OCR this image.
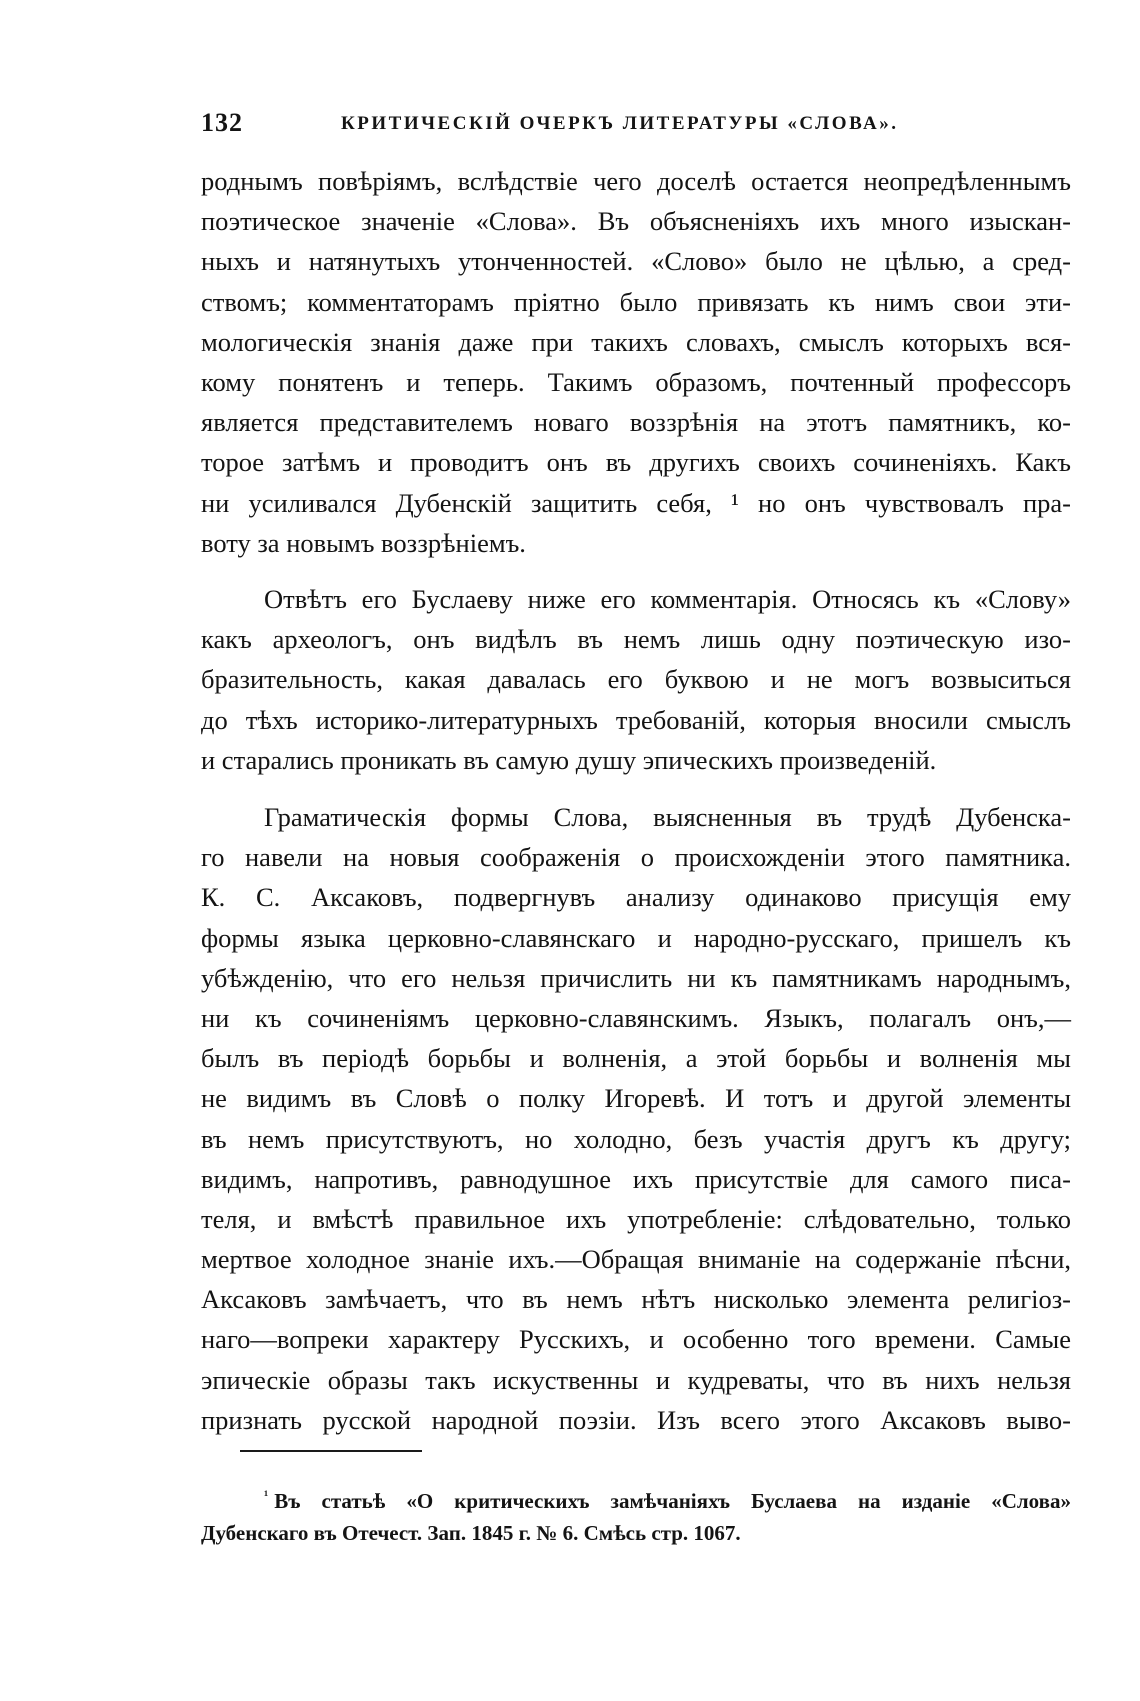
132	КРИТИЧЕСКІЙ ОЧЕРКЪ ЛИТЕРАТУРЫ «СЛОВА».
роднымъ повѣріямъ, вслѣдствіе чего доселѣ остается неопредѣленнымъ
поэтическое значеніе «Слова». Въ объясненіяхъ ихъ много изыскан-
ныхъ и натянутыхъ утонченностей. «Слово» было не цѣлью, а сред-
ствомъ; комментаторамъ пріятно было привязать къ нимъ свои эти-
мологическія знанія даже при такихъ словахъ, смыслъ которыхъ вся-
кому понятенъ и теперь. Такимъ образомъ, почтенный профессоръ
является представителемъ новаго воззрѣнія на этотъ памятникъ, ко-
торое затѣмъ и проводитъ онъ въ другихъ своихъ сочиненіяхъ. Какъ
ни усиливался Дубенскій защитить себя, ¹ но онъ чувствовалъ пра-
воту за новымъ воззрѣніемъ.
Отвѣтъ его Буслаеву ниже его комментарія. Относясь къ «Слову»
какъ археологъ, онъ видѣлъ въ немъ лишь одну поэтическую изо-
бразительность, какая давалась его буквою и не могъ возвыситься
до тѣхъ историко-литературныхъ требованій, которыя вносили смыслъ
и старались проникать въ самую душу эпическихъ произведеній.
Граматическія формы Слова, выясненныя въ трудѣ Дубенска-
го навели на новыя соображенія о происхожденіи этого памятника.
К. С. Аксаковъ, подвергнувъ анализу одинаково присущія ему
формы языка церковно-славянскаго и народно-русскаго, пришелъ къ
убѣжденію, что его нельзя причислить ни къ памятникамъ народнымъ,
ни къ сочиненіямъ церковно-славянскимъ. Языкъ, полагалъ онъ,—
былъ въ періодѣ борьбы и волненія, а этой борьбы и волненія мы
не видимъ въ Словѣ о полку Игоревѣ. И тотъ и другой элементы
въ немъ присутствуютъ, но холодно, безъ участія другъ къ другу;
видимъ, напротивъ, равнодушное ихъ присутствіе для самого писа-
теля, и вмѣстѣ правильное ихъ употребленіе: слѣдовательно, только
мертвое холодное знаніе ихъ.—Обращая вниманіе на содержаніе пѣсни,
Аксаковъ замѣчаетъ, что въ немъ нѣтъ нисколько элемента религіоз-
наго—вопреки характеру Русскихъ, и особенно того времени. Самые
эпическіе образы такъ искуственны и кудреваты, что въ нихъ нельзя
признать русской народной поэзіи. Изъ всего этого Аксаковъ выво-
$^{^1}$ Въ статьѣ «О критическихъ замѣчаніяхъ Буслаева на изданіе «Слова»
Дубенскаго въ Отечест. Зап. 1845 г. № 6. Смѣсь стр. 1067.
